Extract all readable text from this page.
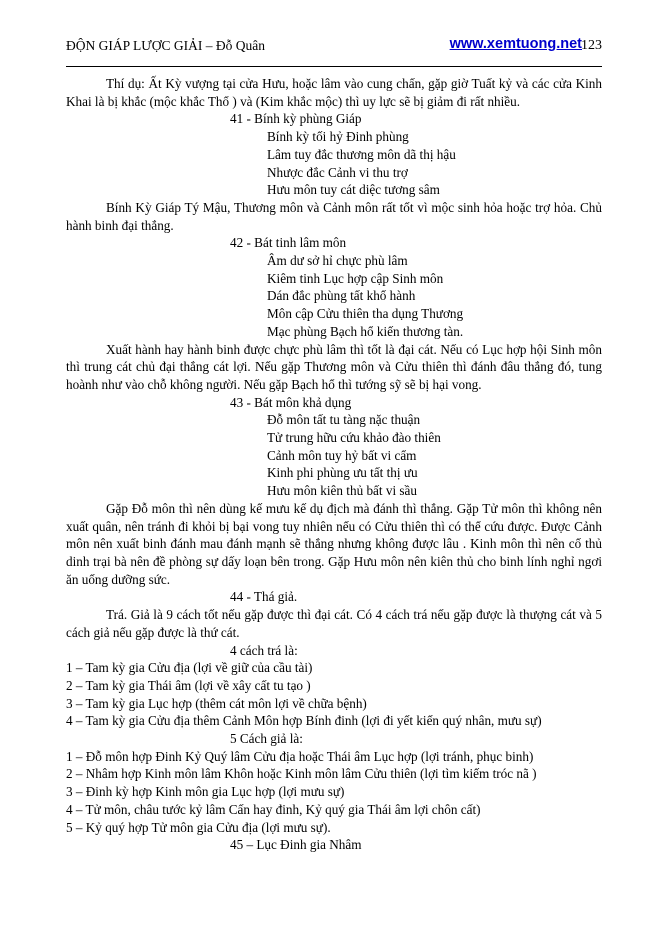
ĐỘN GIÁP LƯỢC GIẢI – Đỗ Quân	www.xemtuong.net 123

Thí dụ: Ất Kỳ vượng tại cửa Hưu, hoặc lâm vào cung chấn, gặp giờ Tuất kỷ và các cửa Kinh Khai là bị khắc (mộc khắc Thổ ) và (Kim khắc mộc) thì uy lực sẽ bị giảm đi rất nhiều.

41 - Bính kỳ phùng Giáp

Bính kỳ tối hỷ Đinh phùng

Lâm tuy đắc thương môn dã thị hậu

Nhược đắc Cảnh vi thu trợ

Hưu môn tuy cát diệc tương sâm

Bính Kỳ Giáp Tý Mậu, Thương môn và Cảnh môn rất tốt vì mộc sinh hỏa hoặc trợ hỏa. Chủ hành binh đại thắng.

42 - Bát tinh lâm môn

Âm dư sở hỉ chực phù lâm

Kiêm tinh Lục hợp cập Sinh môn

Dán đắc phùng tất khổ hành

Môn cập Cửu thiên tha dụng Thương

Mạc phùng Bạch hổ kiến thương tàn.

Xuất hành hay hành binh được chực phù lâm thì tốt là đại cát. Nếu có Lục hợp hội Sinh môn thì trung cát chủ đại thắng cát lợi. Nếu gặp Thương môn và Cửu thiên thì đánh đâu thắng đó, tung hoành như vào chỗ không người. Nếu gặp Bạch hổ thì tướng sỹ sẽ bị hại vong.

43 - Bát môn khả dụng

Đỗ môn tất tu tàng nặc thuận

Tử trung hữu cứu khảo đào thiên

Cảnh môn tuy hỷ bất vi cẩm

Kinh phi phùng ưu tất thị ưu

Hưu môn kiên thủ bất vi sầu

Gặp Đỗ môn thì nên dùng kế mưu kế dụ địch mà đánh thì thắng. Gặp Tử môn thì không nên xuất quân, nên tránh đi khỏi bị bại vong tuy nhiên nếu có Cửu thiên thì có thể cứu được. Được Cảnh môn nên xuất binh đánh mau đánh mạnh sẽ thắng nhưng không được lâu . Kinh môn thì nên cố thủ dinh trại bà nên đề phòng sự dấy loạn bên trong. Gặp Hưu môn nên kiên thủ cho binh lính nghỉ ngơi ăn uống dưỡng sức.

44 - Thá giả.

Trá. Giả là 9 cách tốt nếu gặp được thì đại cát. Có 4 cách trá nếu gặp được là thượng cát và 5 cách giả nếu gặp được là thứ cát.

4 cách trá là:

1 – Tam kỳ gia Cửu địa (lợi về giữ của cầu tài)

2 – Tam kỳ gia Thái âm (lợi về xây cất tu tạo )

3 – Tam kỳ gia Lục hợp (thêm cát môn lợi về chữa bệnh)

4 – Tam kỳ gia Cửu địa thêm Cảnh Môn hợp Bính đinh (lợi đi yết kiến quý nhân, mưu sự)

5 Cách giả là:

1 – Đỗ môn hợp Đinh Kỷ Quý lâm Cửu địa hoặc Thái âm Lục hợp (lợi tránh, phục binh)

2 – Nhâm hợp Kinh môn lâm Khôn hoặc Kinh môn lâm Cửu thiên (lợi tìm kiếm tróc nã )

3 – Đinh kỳ hợp Kinh môn gia Lục hợp (lợi mưu sự)

4 – Tử môn, châu tước kỷ lâm Cấn hay đinh, Kỷ quý gia Thái âm lợi chôn cất)

5 – Kỷ quý hợp Tử môn gia Cửu địa (lợi mưu sự).

45 – Lục Đinh gia Nhâm
